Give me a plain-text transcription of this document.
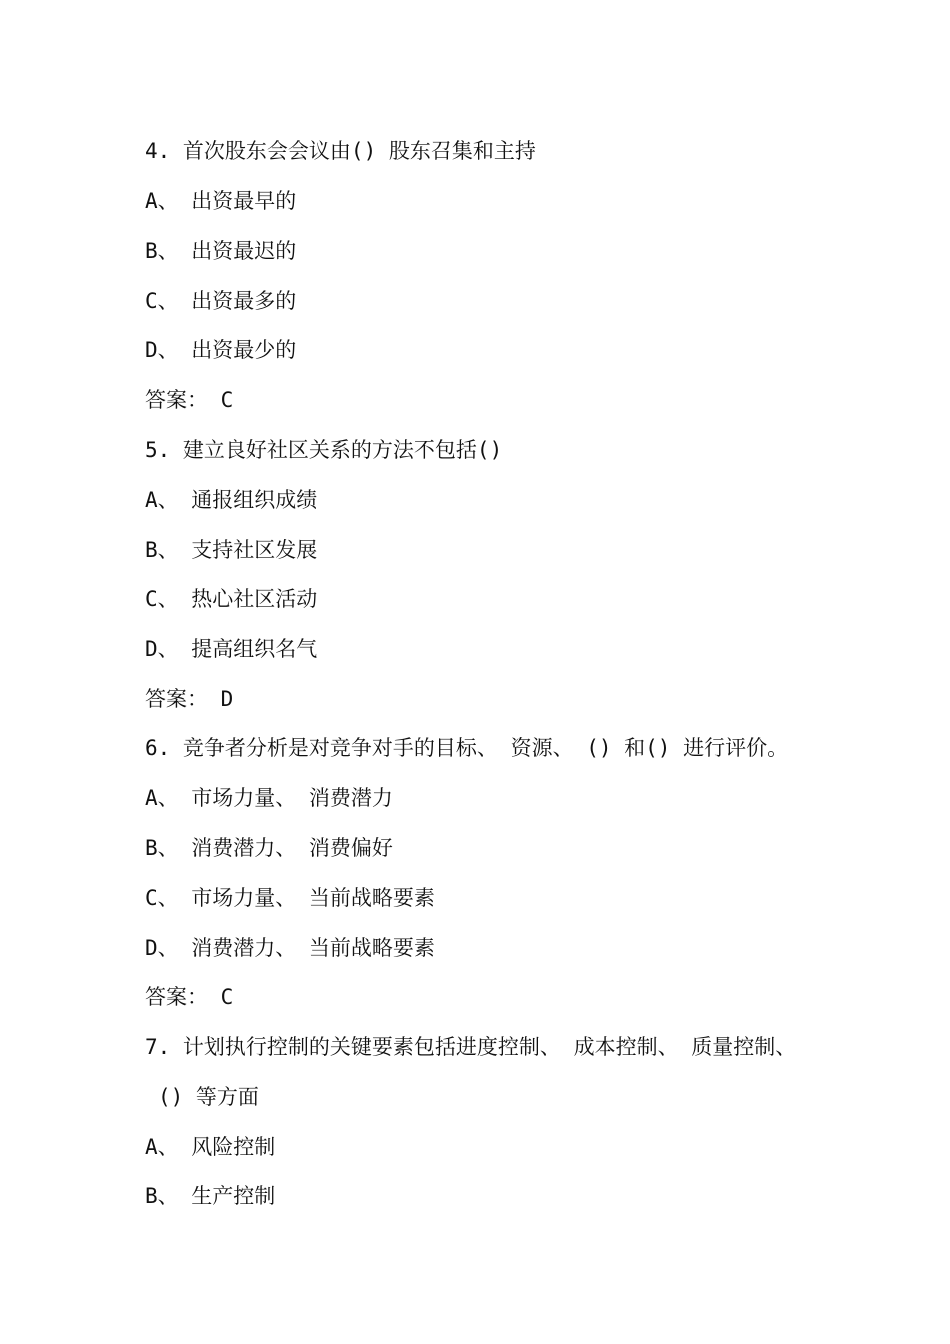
4. 首次股东会会议由() 股东召集和主持
A、 出资最早的
B、 出资最迟的
C、 出资最多的
D、 出资最少的
答案： C
5. 建立良好社区关系的方法不包括()
A、 通报组织成绩
B、 支持社区发展
C、 热心社区活动
D、 提高组织名气
答案： D
6. 竞争者分析是对竞争对手的目标、 资源、 () 和() 进行评价。
A、 市场力量、 消费潜力
B、 消费潜力、 消费偏好
C、 市场力量、 当前战略要素
D、 消费潜力、 当前战略要素
答案： C
7. 计划执行控制的关键要素包括进度控制、 成本控制、 质量控制、
() 等方面
A、 风险控制
B、 生产控制
